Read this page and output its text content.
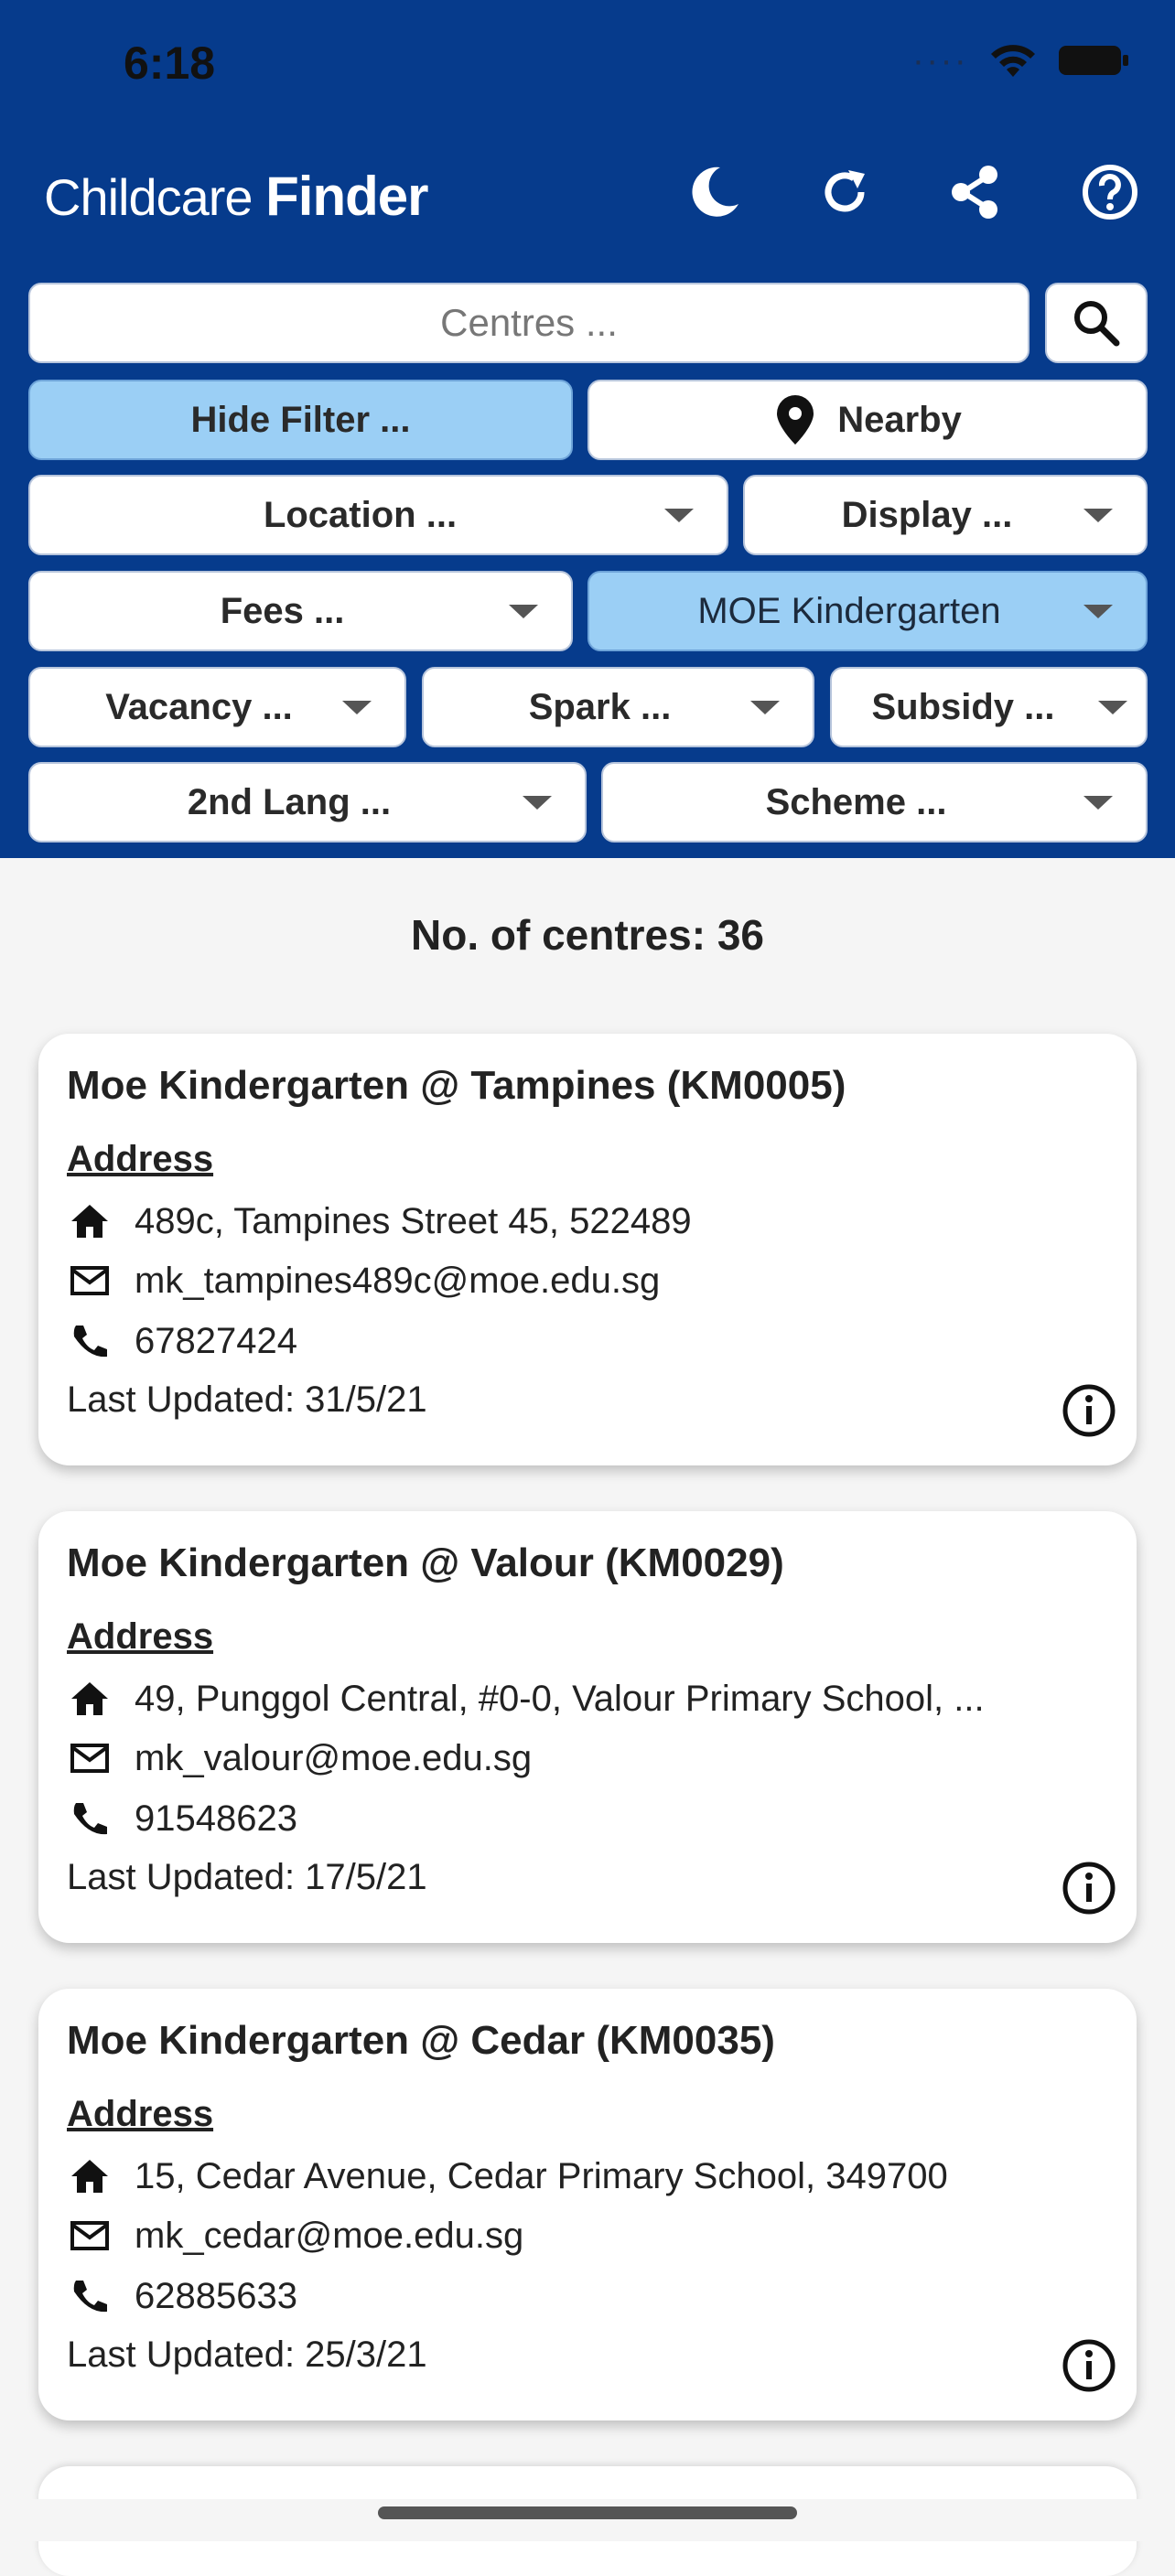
6:18	····
Childcare Finder
Centres ...
Hide Filter ...	Nearby
Location ...	Display ...
Fees ...	MOE Kindergarten
Vacancy ...	Spark ...	Subsidy ...
2nd Lang ...	Scheme ...
No. of centres: 36
Moe Kindergarten @ Tampines (KM0005)
Address
489c, Tampines Street 45, 522489
mk_tampines489c@moe.edu.sg
67827424
Last Updated: 31/5/21
Moe Kindergarten @ Valour (KM0029)
Address
49, Punggol Central, #0-0, Valour Primary School, ...
mk_valour@moe.edu.sg
91548623
Last Updated: 17/5/21
Moe Kindergarten @ Cedar (KM0035)
Address
15, Cedar Avenue, Cedar Primary School, 349700
mk_cedar@moe.edu.sg
62885633
Last Updated: 25/3/21
